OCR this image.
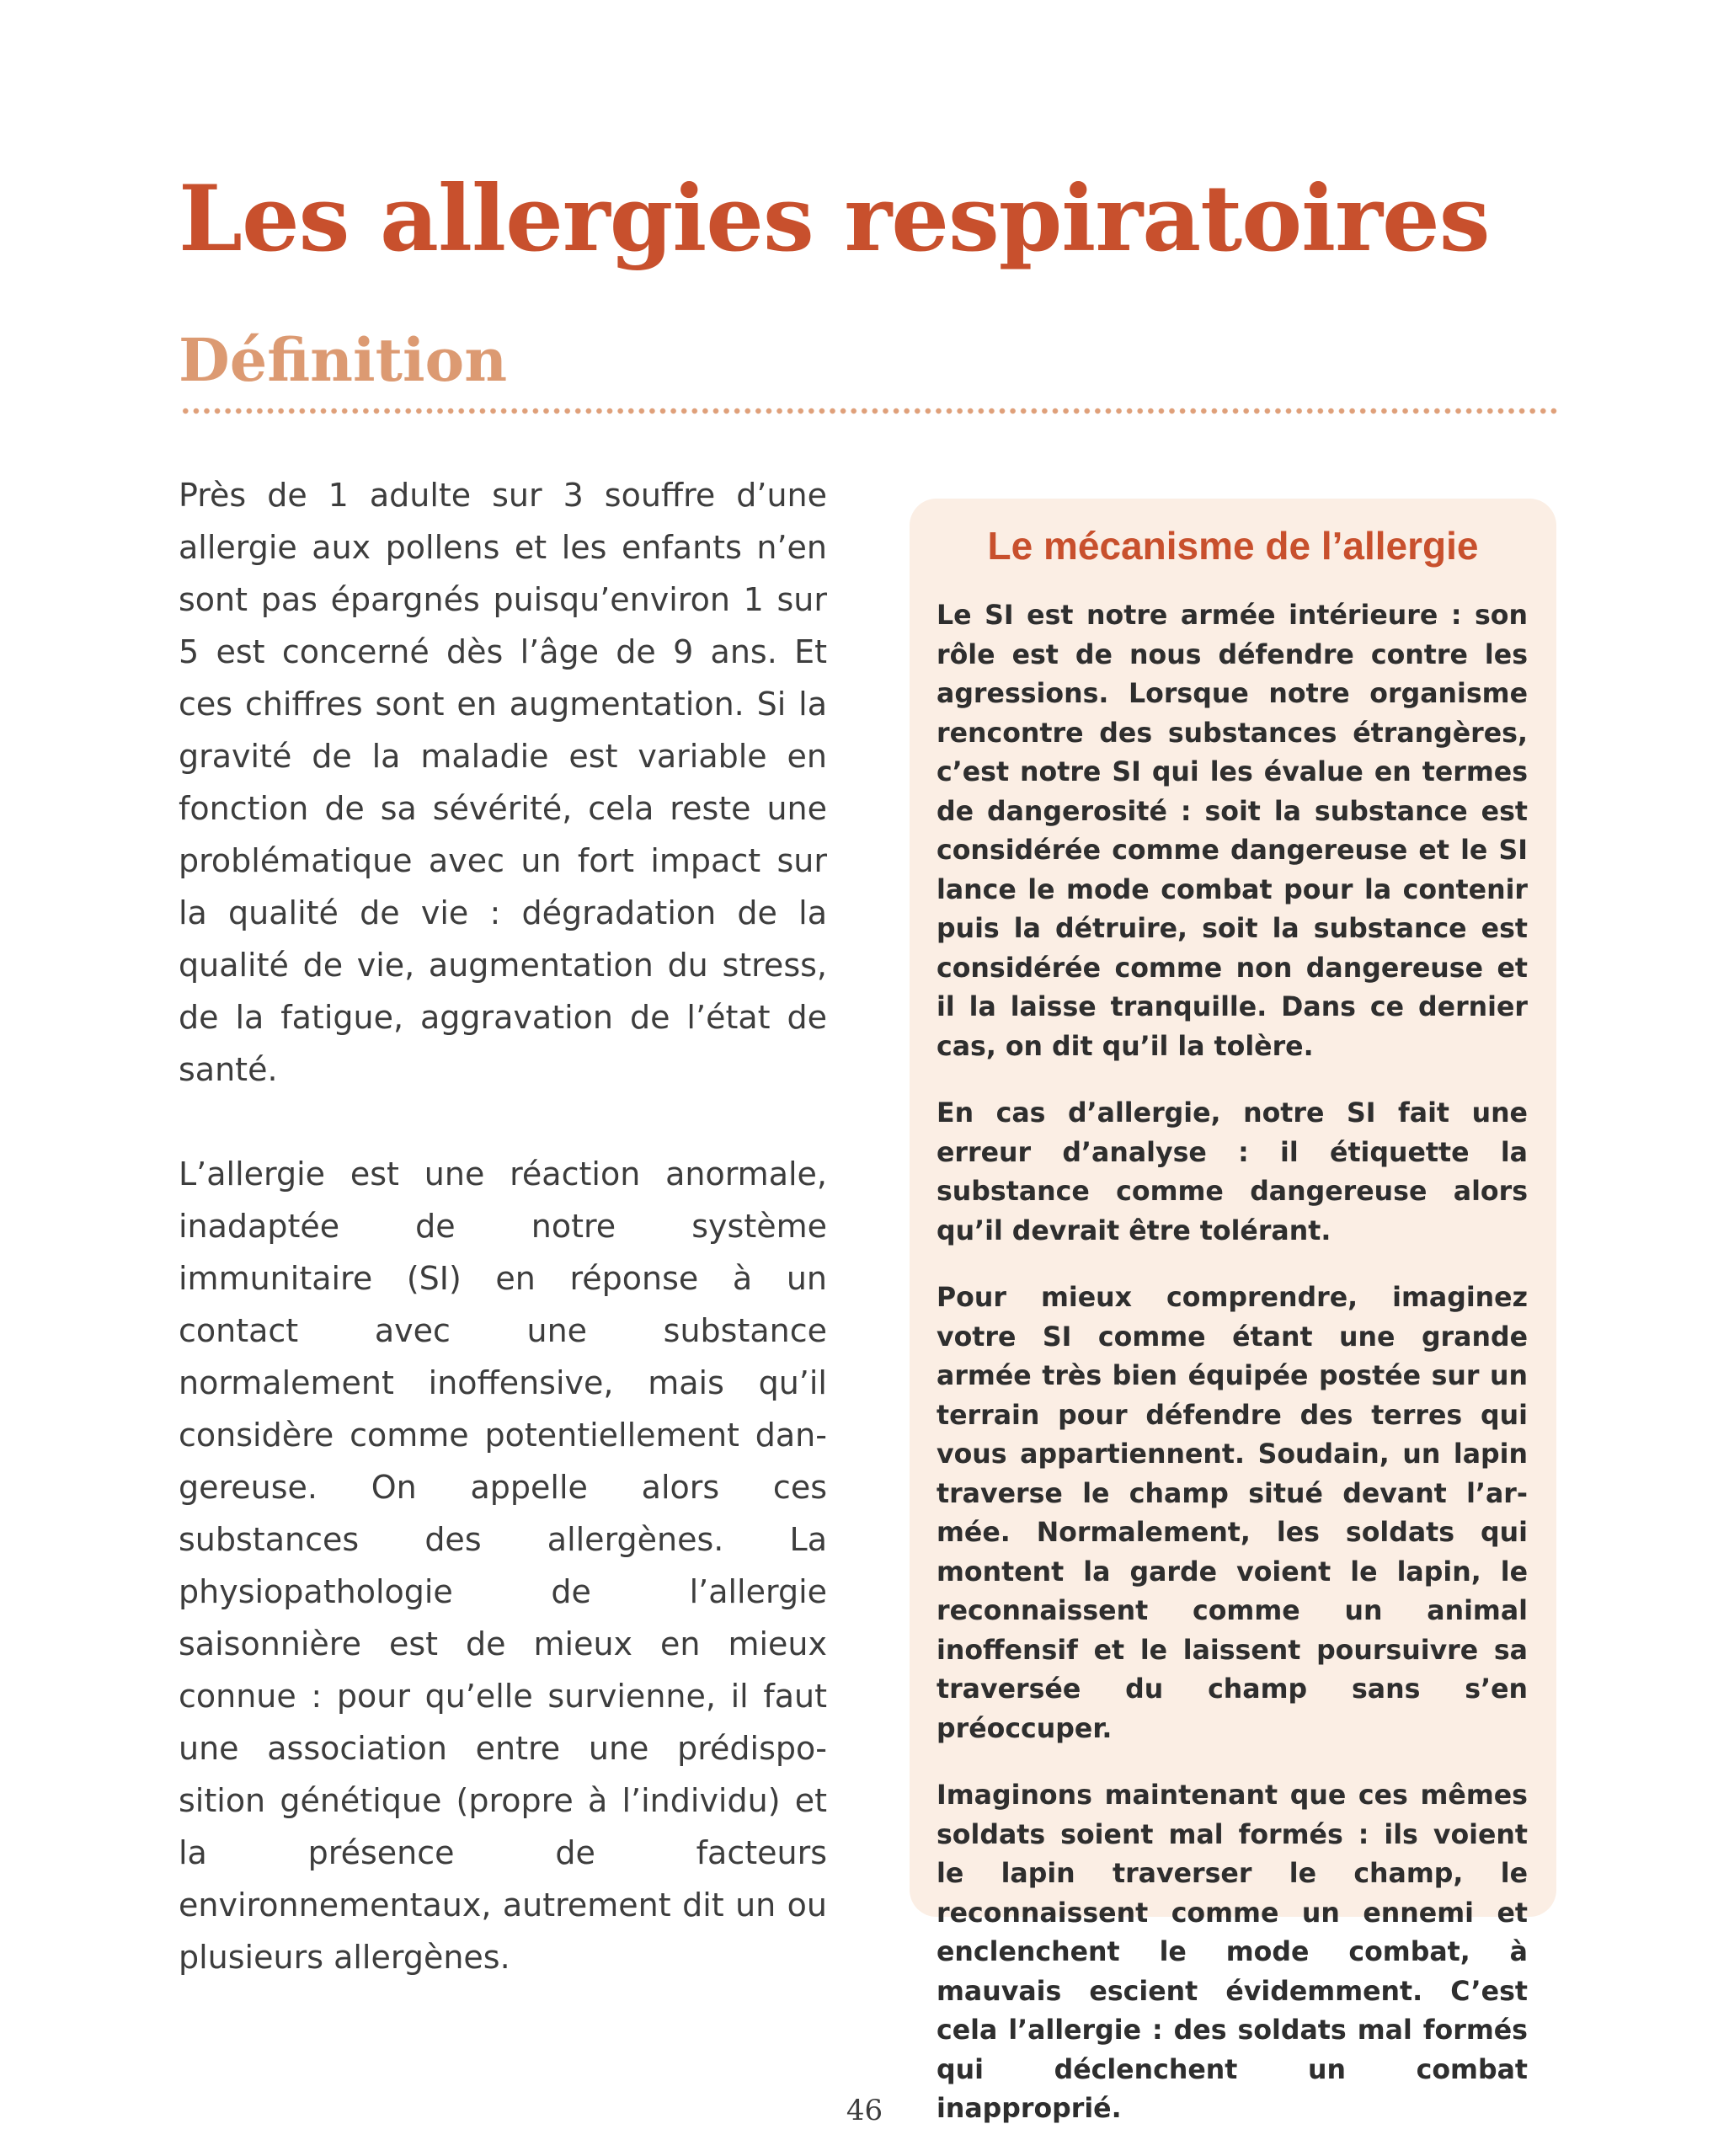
Les allergies respiratoires
Définition

Près de 1 adulte sur 3 souffre d’une allergie aux pollens et les enfants n’en sont pas épargnés puisqu’environ 1 sur 5 est concerné dès l’âge de 9 ans. Et ces chiffres sont en augmentation. Si la gravité de la maladie est variable en fonction de sa sévérité, cela reste une problématique avec un fort impact sur la qualité de vie : dégradation de la qualité de vie, augmentation du stress, de la fatigue, aggravation de l’état de santé.

L’allergie est une réaction anormale, inadaptée de notre système immunitaire (SI) en réponse à un contact avec une substance normalement inoffensive, mais qu’il considère comme potentiellement dangereuse. On appelle alors ces substances des allergènes. La physiopathologie de l’allergie saisonnière est de mieux en mieux connue : pour qu’elle survienne, il faut une association entre une prédisposition génétique (propre à l’individu) et la présence de facteurs environnementaux, autrement dit un ou plusieurs allergènes.

Le mécanisme de l’allergie

Le SI est notre armée intérieure : son rôle est de nous défendre contre les agressions. Lorsque notre organisme rencontre des substances étrangères, c’est notre SI qui les évalue en termes de dangerosité : soit la substance est considérée comme dangereuse et le SI lance le mode combat pour la contenir puis la détruire, soit la substance est considérée comme non dangereuse et il la laisse tranquille. Dans ce dernier cas, on dit qu’il la tolère.

En cas d’allergie, notre SI fait une erreur d’analyse : il étiquette la substance comme dangereuse alors qu’il devrait être tolérant.

Pour mieux comprendre, imaginez votre SI comme étant une grande armée très bien équipée postée sur un terrain pour défendre des terres qui vous appartiennent. Soudain, un lapin traverse le champ situé devant l’armée. Normalement, les soldats qui montent la garde voient le lapin, le reconnaissent comme un animal inoffensif et le laissent poursuivre sa traversée du champ sans s’en préoccuper.

Imaginons maintenant que ces mêmes soldats soient mal formés : ils voient le lapin traverser le champ, le reconnaissent comme un ennemi et enclenchent le mode combat, à mauvais escient évidemment. C’est cela l’allergie : des soldats mal formés qui déclenchent un combat inapproprié.

46
